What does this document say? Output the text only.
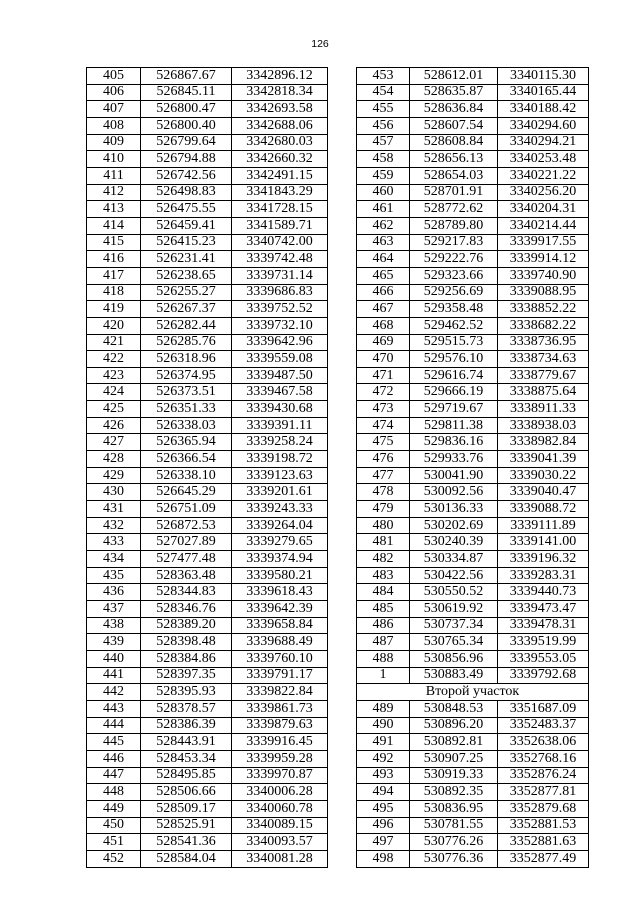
126
405	526867.67	3342896.12
406	526845.11	3342818.34
407	526800.47	3342693.58
408	526800.40	3342688.06
409	526799.64	3342680.03
410	526794.88	3342660.32
411	526742.56	3342491.15
412	526498.83	3341843.29
413	526475.55	3341728.15
414	526459.41	3341589.71
415	526415.23	3340742.00
416	526231.41	3339742.48
417	526238.65	3339731.14
418	526255.27	3339686.83
419	526267.37	3339752.52
420	526282.44	3339732.10
421	526285.76	3339642.96
422	526318.96	3339559.08
423	526374.95	3339487.50
424	526373.51	3339467.58
425	526351.33	3339430.68
426	526338.03	3339391.11
427	526365.94	3339258.24
428	526366.54	3339198.72
429	526338.10	3339123.63
430	526645.29	3339201.61
431	526751.09	3339243.33
432	526872.53	3339264.04
433	527027.89	3339279.65
434	527477.48	3339374.94
435	528363.48	3339580.21
436	528344.83	3339618.43
437	528346.76	3339642.39
438	528389.20	3339658.84
439	528398.48	3339688.49
440	528384.86	3339760.10
441	528397.35	3339791.17
442	528395.93	3339822.84
443	528378.57	3339861.73
444	528386.39	3339879.63
445	528443.91	3339916.45
446	528453.34	3339959.28
447	528495.85	3339970.87
448	528506.66	3340006.28
449	528509.17	3340060.78
450	528525.91	3340089.15
451	528541.36	3340093.57
452	528584.04	3340081.28
453	528612.01	3340115.30
454	528635.87	3340165.44
455	528636.84	3340188.42
456	528607.54	3340294.60
457	528608.84	3340294.21
458	528656.13	3340253.48
459	528654.03	3340221.22
460	528701.91	3340256.20
461	528772.62	3340204.31
462	528789.80	3340214.44
463	529217.83	3339917.55
464	529222.76	3339914.12
465	529323.66	3339740.90
466	529256.69	3339088.95
467	529358.48	3338852.22
468	529462.52	3338682.22
469	529515.73	3338736.95
470	529576.10	3338734.63
471	529616.74	3338779.67
472	529666.19	3338875.64
473	529719.67	3338911.33
474	529811.38	3338938.03
475	529836.16	3338982.84
476	529933.76	3339041.39
477	530041.90	3339030.22
478	530092.56	3339040.47
479	530136.33	3339088.72
480	530202.69	3339111.89
481	530240.39	3339141.00
482	530334.87	3339196.32
483	530422.56	3339283.31
484	530550.52	3339440.73
485	530619.92	3339473.47
486	530737.34	3339478.31
487	530765.34	3339519.99
488	530856.96	3339553.05
1	530883.49	3339792.68
Второй участок		
489	530848.53	3351687.09
490	530896.20	3352483.37
491	530892.81	3352638.06
492	530907.25	3352768.16
493	530919.33	3352876.24
494	530892.35	3352877.81
495	530836.95	3352879.68
496	530781.55	3352881.53
497	530776.26	3352881.63
498	530776.36	3352877.49
